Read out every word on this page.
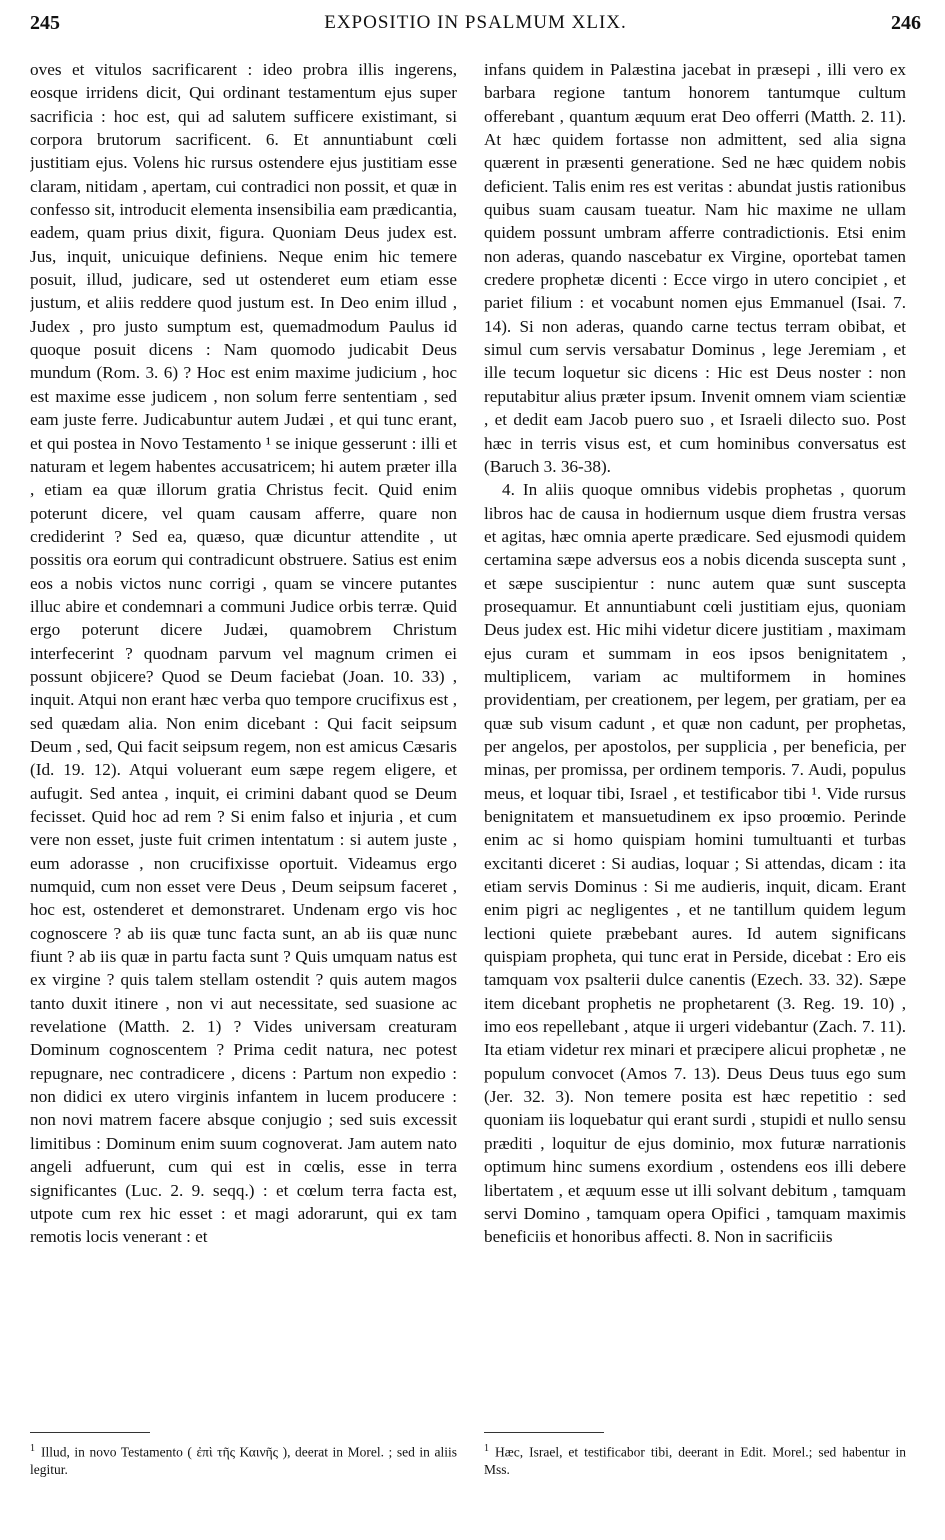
245	EXPOSITIO IN PSALMUM XLIX.	246

oves et vitulos sacrificarent : ideo probra illis ingerens, eosque irridens dicit, Qui ordinant testamentum ejus super sacrificia : hoc est, qui ad salutem sufficere existimant, si corpora brutorum sacrificent. 6. Et annuntiabunt cœli justitiam ejus. Volens hic rursus ostendere ejus justitiam esse claram, nitidam , apertam, cui contradici non possit, et quæ in confesso sit, introducit elementa insensibilia eam prædicantia, eadem, quam prius dixit, figura. Quoniam Deus judex est. Jus, inquit, unicuique definiens. Neque enim hic temere posuit, illud, judicare, sed ut ostenderet eum etiam esse justum, et aliis reddere quod justum est. In Deo enim illud , Judex , pro justo sumptum est, quemadmodum Paulus id quoque posuit dicens : Nam quomodo judicabit Deus mundum (Rom. 3. 6) ? Hoc est enim maxime judicium , hoc est maxime esse judicem , non solum ferre sententiam , sed eam juste ferre. Judicabuntur autem Judæi , et qui tunc erant, et qui postea in Novo Testamento ¹ se inique gesserunt : illi et naturam et legem habentes accusatricem; hi autem præter illa , etiam ea quæ illorum gratia Christus fecit. Quid enim poterunt dicere, vel quam causam afferre, quare non crediderint ? Sed ea, quæso, quæ dicuntur attendite , ut possitis ora eorum qui contradicunt obstruere. Satius est enim eos a nobis victos nunc corrigi , quam se vincere putantes illuc abire et condemnari a communi Judice orbis terræ. Quid ergo poterunt dicere Judæi, quamobrem Christum interfecerint ? quodnam parvum vel magnum crimen ei possunt objicere? Quod se Deum faciebat (Joan. 10. 33) , inquit. Atqui non erant hæc verba quo tempore crucifixus est , sed quædam alia. Non enim dicebant : Qui facit seipsum Deum , sed, Qui facit seipsum regem, non est amicus Cæsaris (Id. 19. 12). Atqui voluerant eum sæpe regem eligere, et aufugit. Sed antea , inquit, ei crimini dabant quod se Deum fecisset. Quid hoc ad rem ? Si enim falso et injuria , et cum vere non esset, juste fuit crimen intentatum : si autem juste , eum adorasse , non crucifixisse oportuit. Videamus ergo numquid, cum non esset vere Deus , Deum seipsum faceret , hoc est, ostenderet et demonstraret. Undenam ergo vis hoc cognoscere ? ab iis quæ tunc facta sunt, an ab iis quæ nunc fiunt ? ab iis quæ in partu facta sunt ? Quis umquam natus est ex virgine ? quis talem stellam ostendit ? quis autem magos tanto duxit itinere , non vi aut necessitate, sed suasione ac revelatione (Matth. 2. 1) ? Vides universam creaturam Dominum cognoscentem ? Prima cedit natura, nec potest repugnare, nec contradicere , dicens : Partum non expedio : non didici ex utero virginis infantem in lucem producere : non novi matrem facere absque conjugio ; sed suis excessit limitibus : Dominum enim suum cognoverat. Jam autem nato angeli adfuerunt, cum qui est in cœlis, esse in terra significantes (Luc. 2. 9. seqq.) : et cœlum terra facta est, utpote cum rex hic esset : et magi adorarunt, qui ex tam remotis locis venerant : et

infans quidem in Palæstina jacebat in præsepi , illi vero ex barbara regione tantum honorem tantumque cultum offerebant , quantum æquum erat Deo offerri (Matth. 2. 11). At hæc quidem fortasse non admittent, sed alia signa quærent in præsenti generatione. Sed ne hæc quidem nobis deficient. Talis enim res est veritas : abundat justis rationibus quibus suam causam tueatur. Nam hic maxime ne ullam quidem possunt umbram afferre contradictionis. Etsi enim non aderas, quando nascebatur ex Virgine, oportebat tamen credere prophetæ dicenti : Ecce virgo in utero concipiet , et pariet filium : et vocabunt nomen ejus Emmanuel (Isai. 7. 14). Si non aderas, quando carne tectus terram obibat, et simul cum servis versabatur Dominus , lege Jeremiam , et ille tecum loquetur sic dicens : Hic est Deus noster : non reputabitur alius præter ipsum. Invenit omnem viam scientiæ , et dedit eam Jacob puero suo , et Israeli dilecto suo. Post hæc in terris visus est, et cum hominibus conversatus est (Baruch 3. 36-38).

4. In aliis quoque omnibus videbis prophetas , quorum libros hac de causa in hodiernum usque diem frustra versas et agitas, hæc omnia aperte prædicare. Sed ejusmodi quidem certamina sæpe adversus eos a nobis dicenda suscepta sunt , et sæpe suscipientur : nunc autem quæ sunt suscepta prosequamur. Et annuntiabunt cœli justitiam ejus, quoniam Deus judex est. Hic mihi videtur dicere justitiam , maximam ejus curam et summam in eos ipsos benignitatem , multiplicem, variam ac multiformem in homines providentiam, per creationem, per legem, per gratiam, per ea quæ sub visum cadunt , et quæ non cadunt, per prophetas, per angelos, per apostolos, per supplicia , per beneficia, per minas, per promissa, per ordinem temporis. 7. Audi, populus meus, et loquar tibi, Israel , et testificabor tibi ¹. Vide rursus benignitatem et mansuetudinem ex ipso proœmio. Perinde enim ac si homo quispiam homini tumultuanti et turbas excitanti diceret : Si audias, loquar ; Si attendas, dicam : ita etiam servis Dominus : Si me audieris, inquit, dicam. Erant enim pigri ac negligentes , et ne tantillum quidem legum lectioni quiete præbebant aures. Id autem significans quispiam propheta, qui tunc erat in Perside, dicebat : Ero eis tamquam vox psalterii dulce canentis (Ezech. 33. 32). Sæpe item dicebant prophetis ne prophetarent (3. Reg. 19. 10) , imo eos repellebant , atque ii urgeri videbantur (Zach. 7. 11). Ita etiam videtur rex minari et præcipere alicui prophetæ , ne populum convocet (Amos 7. 13). Deus Deus tuus ego sum (Jer. 32. 3). Non temere posita est hæc repetitio : sed quoniam iis loquebatur qui erant surdi , stupidi et nullo sensu præditi , loquitur de ejus dominio, mox futuræ narrationis optimum hinc sumens exordium , ostendens eos illi debere libertatem , et æquum esse ut illi solvant debitum , tamquam servi Domino , tamquam opera Opifici , tamquam maximis beneficiis et honoribus affecti. 8. Non in sacrificiis

$^1$ Illud, in novo Testamento ( ἐπὶ τῆς Καινῆς ), deerat in Morel. ; sed in aliis legitur.
$^1$ Hæc, Israel, et testificabor tibi, deerant in Edit. Morel.; sed habentur in Mss.
